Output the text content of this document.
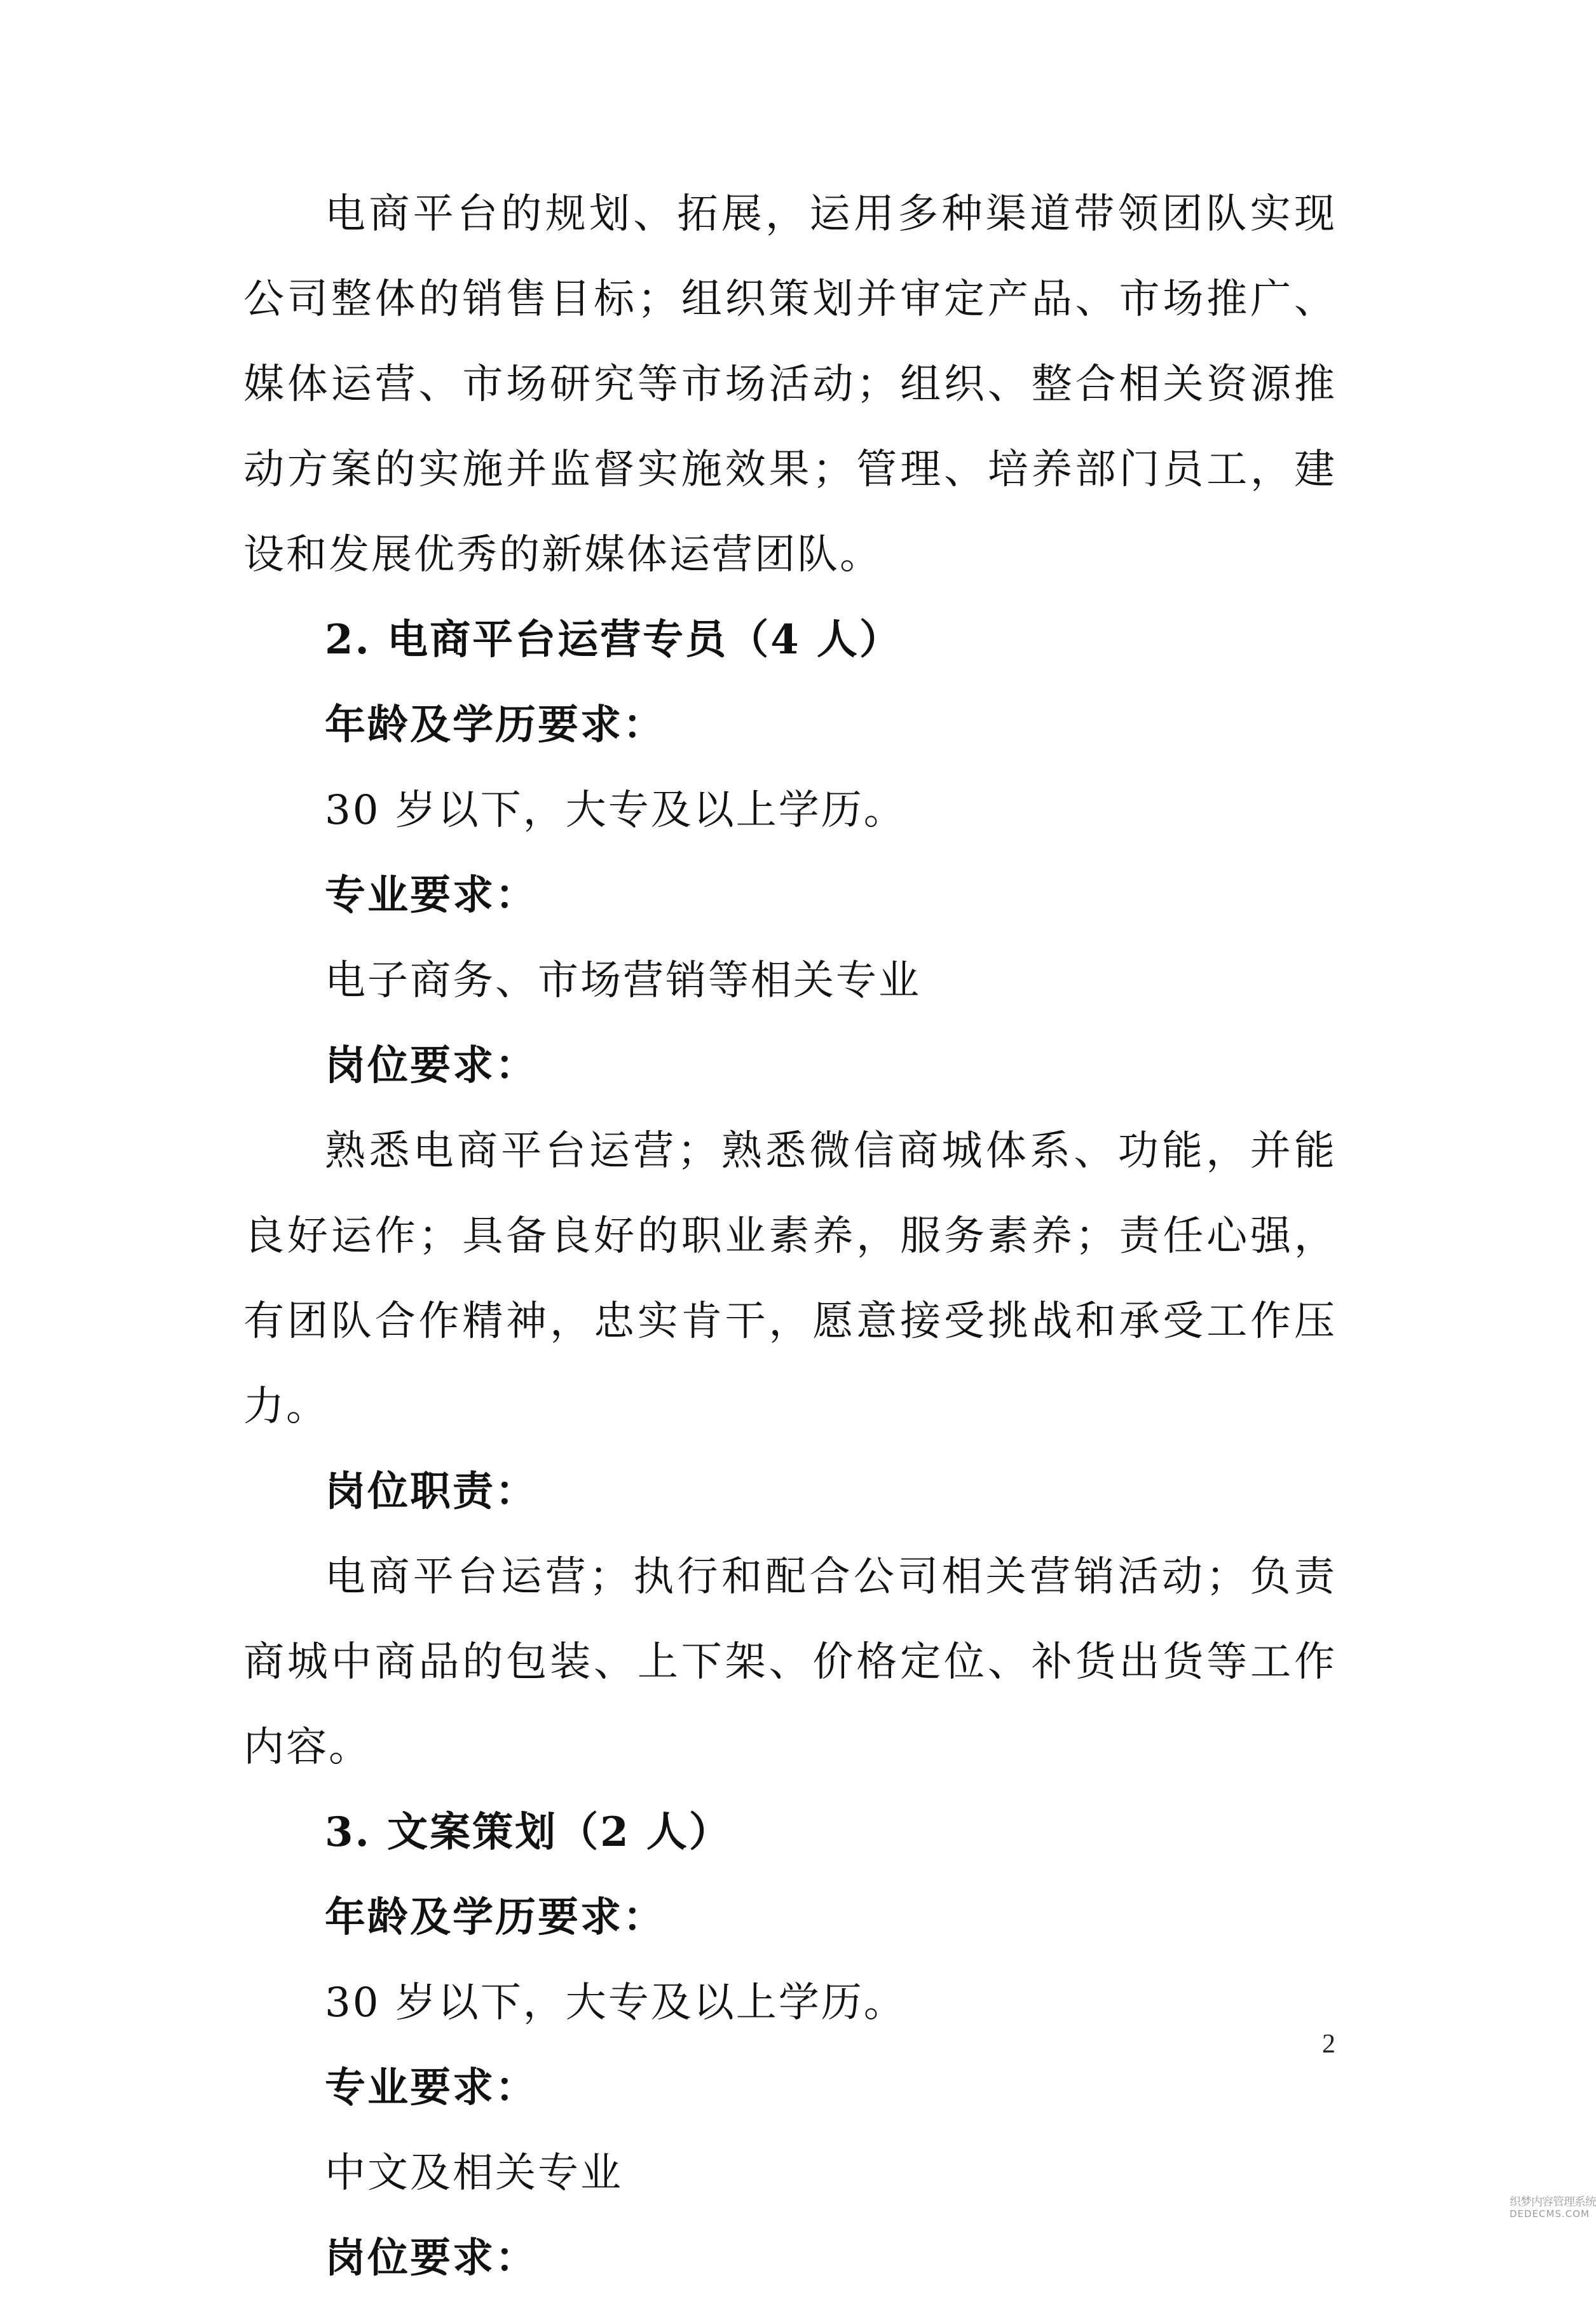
电商平台的规划、拓展，运用多种渠道带领团队实现公司整体的销售目标；组织策划并审定产品、市场推广、媒体运营、市场研究等市场活动；组织、整合相关资源推动方案的实施并监督实施效果；管理、培养部门员工，建设和发展优秀的新媒体运营团队。

2. 电商平台运营专员（4 人）

年龄及学历要求：

30 岁以下，大专及以上学历。

专业要求：

电子商务、市场营销等相关专业

岗位要求：

熟悉电商平台运营；熟悉微信商城体系、功能，并能良好运作；具备良好的职业素养，服务素养；责任心强，有团队合作精神，忠实肯干，愿意接受挑战和承受工作压力。

岗位职责：

电商平台运营；执行和配合公司相关营销活动；负责商城中商品的包装、上下架、价格定位、补货出货等工作内容。

3. 文案策划（2 人）

年龄及学历要求：

30 岁以下，大专及以上学历。

专业要求：

中文及相关专业

岗位要求：

2
织梦内容管理系统
DEDECMS.COM
